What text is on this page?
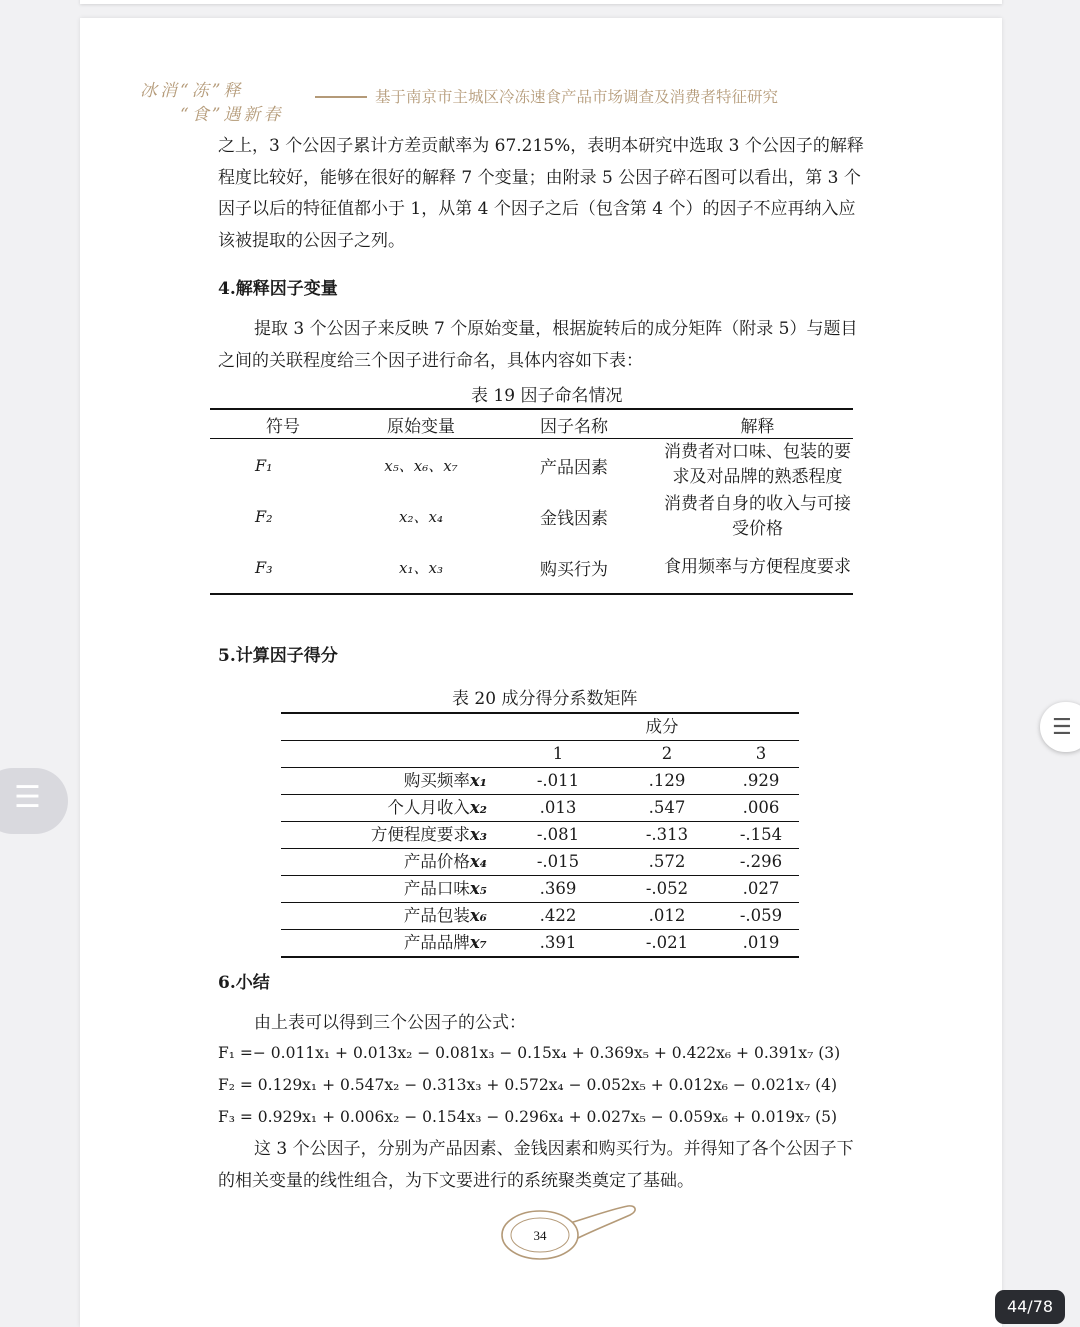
冰消“冻”释
“食”遇新春
基于南京市主城区冷冻速食产品市场调查及消费者特征研究

之上，3 个公因子累计方差贡献率为 67.215%，表明本研究中选取 3 个公因子的解释程度比较好，能够在很好的解释 7 个变量；由附录 5 公因子碎石图可以看出，第 3 个因子以后的特征值都小于 1，从第 4 个因子之后（包含第 4 个）的因子不应再纳入应该被提取的公因子之列。

4.解释因子变量

提取 3 个公因子来反映 7 个原始变量，根据旋转后的成分矩阵（附录 5）与题目之间的关联程度给三个因子进行命名，具体内容如下表：

表 19 因子命名情况
符号	原始变量	因子名称	解释
F₁	x₅、x₆、x₇	产品因素	消费者对口味、包装的要求及对品牌的熟悉程度
F₂	x₂、x₄	金钱因素	消费者自身的收入与可接受价格
F₃	x₁、x₃	购买行为	食用频率与方便程度要求

5.计算因子得分

表 20 成分得分系数矩阵
	成分		
	1	2	3
购买频率x₁	-.011	.129	.929
个人月收入x₂	.013	.547	.006
方便程度要求x₃	-.081	-.313	-.154
产品价格x₄	-.015	.572	-.296
产品口味x₅	.369	-.052	.027
产品包装x₆	.422	.012	-.059
产品品牌x₇	.391	-.021	.019

6.小结

由上表可以得到三个公因子的公式：

F₁ =− 0.011x₁ + 0.013x₂ − 0.081x₃ − 0.15x₄ + 0.369x₅ + 0.422x₆ + 0.391x₇ (3)
F₂ = 0.129x₁ + 0.547x₂ − 0.313x₃ + 0.572x₄ − 0.052x₅ + 0.012x₆ − 0.021x₇ (4)
F₃ = 0.929x₁ + 0.006x₂ − 0.154x₃ − 0.296x₄ + 0.027x₅ − 0.059x₆ + 0.019x₇ (5)

这 3 个公因子，分别为产品因素、金钱因素和购买行为。并得知了各个公因子下的相关变量的线性组合，为下文要进行的系统聚类奠定了基础。

34
☰
☰
44/78
